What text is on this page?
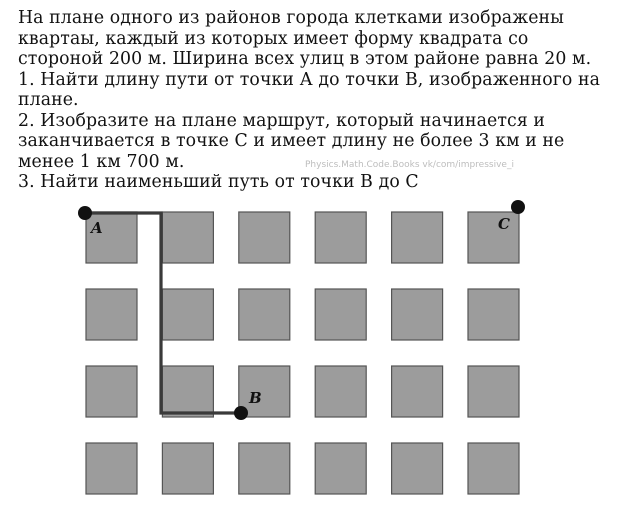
На плане одного из районов города клетками изображены
квартаы, каждый из которых имеет форму квадрата со
стороной 200 м. Ширина всех улиц в этом районе равна 20 м.
1. Найти длину пути от точки А до точки В, изображенного на
плане.
2. Изобразите на плане маршрут, который начинается и
заканчивается в точке С и имеет длину не более 3 км и не
менее 1 км 700 м.
3. Найти наименьший путь от точки В до С
Physics.Math.Code.Books vk/com/impressive_i
A
B
C
